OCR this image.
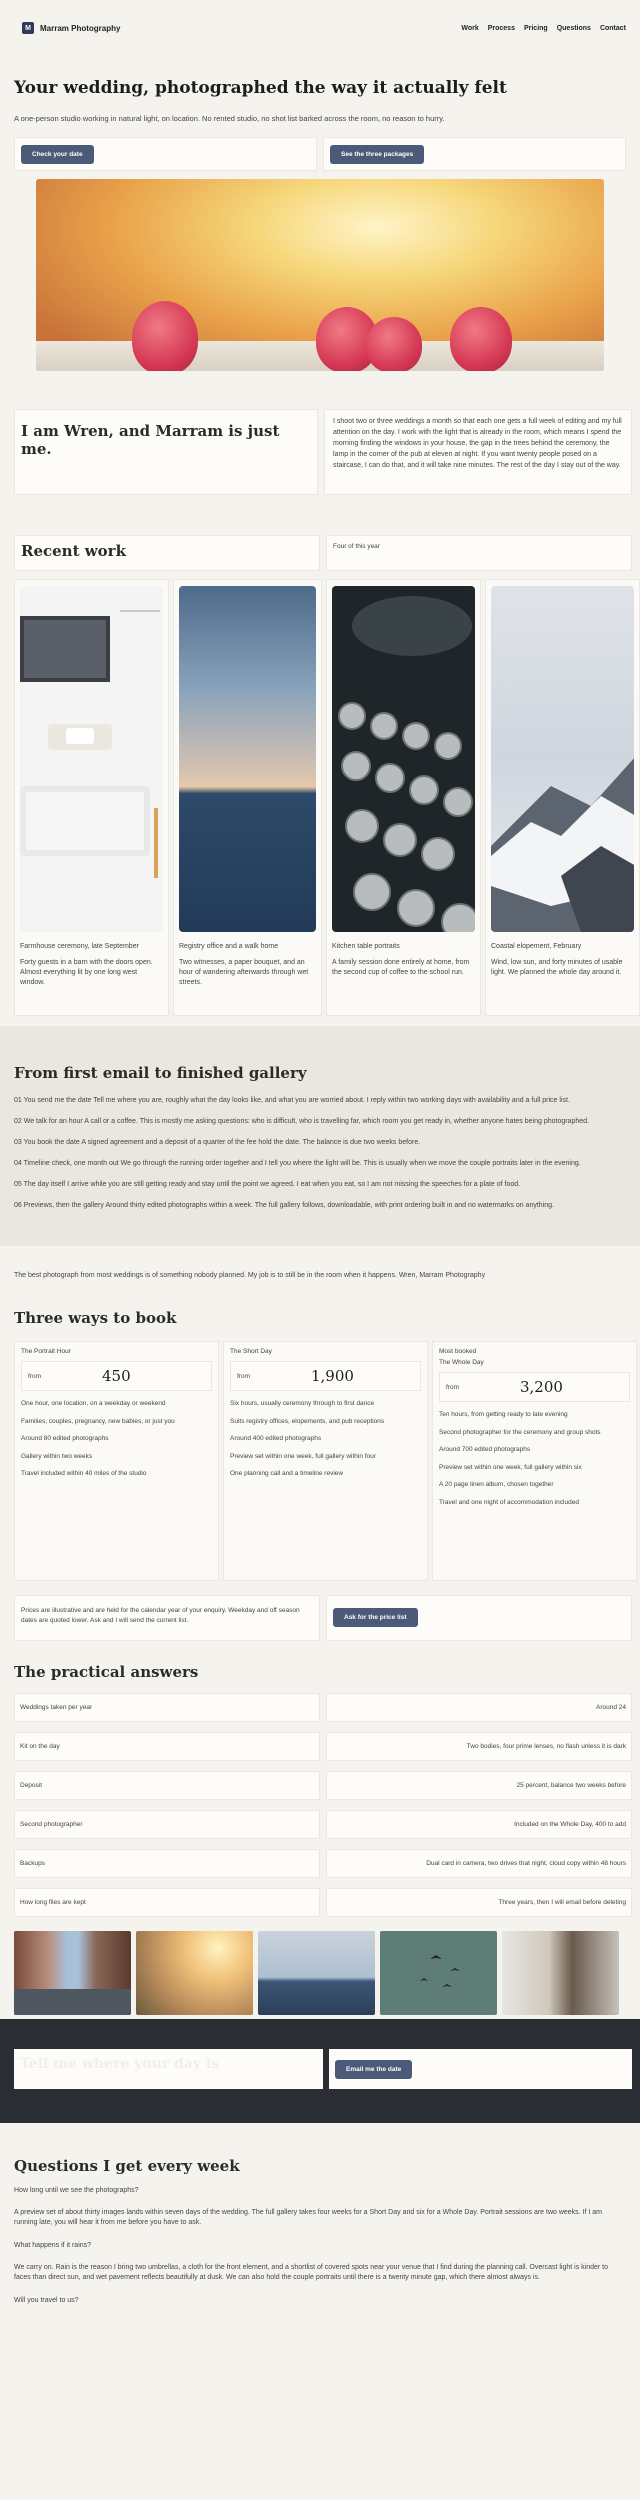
M	Marram Photography	Work Process Pricing Questions Contact
Your wedding, photographed the way it actually felt

A one-person studio working in natural light, on location. No rented studio, no shot list barked across the room, no reason to hurry.

Check your date	See the three packages
I am Wren, and Marram is just me.
I shoot two or three weddings a month so that each one gets a full week of editing and my full attention on the day. I work with the light that is already in the room, which means I spend the morning finding the windows in your house, the gap in the trees behind the ceremony, the lamp in the corner of the pub at eleven at night. If you want twenty people posed on a staircase, I can do that, and it will take nine minutes. The rest of the day I stay out of the way.
Recent work	Four of this year
Farmhouse ceremony, late September
Forty guests in a barn with the doors open. Almost everything lit by one long west window.
Registry office and a walk home
Two witnesses, a paper bouquet, and an hour of wandering afterwards through wet streets.
Kitchen table portraits
A family session done entirely at home, from the second cup of coffee to the school run.
Coastal elopement, February
Wind, low sun, and forty minutes of usable light. We planned the whole day around it.
From first email to finished gallery

01 You send me the date Tell me where you are, roughly what the day looks like, and what you are worried about. I reply within two working days with availability and a full price list.

02 We talk for an hour A call or a coffee. This is mostly me asking questions: who is difficult, who is travelling far, which room you get ready in, whether anyone hates being photographed.

03 You book the date A signed agreement and a deposit of a quarter of the fee hold the date. The balance is due two weeks before.

04 Timeline check, one month out We go through the running order together and I tell you where the light will be. This is usually when we move the couple portraits later in the evening.

05 The day itself I arrive while you are still getting ready and stay until the point we agreed. I eat when you eat, so I am not missing the speeches for a plate of food.

06 Previews, then the gallery Around thirty edited photographs within a week. The full gallery follows, downloadable, with print ordering built in and no watermarks on anything.

The best photograph from most weddings is of something nobody planned. My job is to still be in the room when it happens. Wren, Marram Photography
Three ways to book
The Portrait Hour
from	450
One hour, one location, on a weekday or weekend
Families, couples, pregnancy, new babies, or just you
Around 80 edited photographs
Gallery within two weeks
Travel included within 40 miles of the studio
The Short Day
from	1,900
Six hours, usually ceremony through to first dance
Suits registry offices, elopements, and pub receptions
Around 400 edited photographs
Preview set within one week, full gallery within four
One planning call and a timeline review
Most booked
The Whole Day
from	3,200
Ten hours, from getting ready to late evening
Second photographer for the ceremony and group shots
Around 700 edited photographs
Preview set within one week, full gallery within six
A 20 page linen album, chosen together
Travel and one night of accommodation included
Prices are illustrative and are held for the calendar year of your enquiry. Weekday and off season dates are quoted lower. Ask and I will send the current list.	Ask for the price list
The practical answers
Weddings taken per year	Around 24
Kit on the day	Two bodies, four prime lenses, no flash unless it is dark
Deposit	25 percent, balance two weeks before
Second photographer	Included on the Whole Day, 400 to add
Backups	Dual card in camera, two drives that night, cloud copy within 48 hours
How long files are kept	Three years, then I will email before deleting
Tell me where your day is	Email me the date
Questions I get every week
How long until we see the photographs?
A preview set of about thirty images lands within seven days of the wedding. The full gallery takes four weeks for a Short Day and six for a Whole Day. Portrait sessions are two weeks. If I am running late, you will hear it from me before you have to ask.
What happens if it rains?
We carry on. Rain is the reason I bring two umbrellas, a cloth for the front element, and a shortlist of covered spots near your venue that I find during the planning call. Overcast light is kinder to faces than direct sun, and wet pavement reflects beautifully at dusk. We can also hold the couple portraits until there is a twenty minute gap, which there almost always is.
Will you travel to us?
